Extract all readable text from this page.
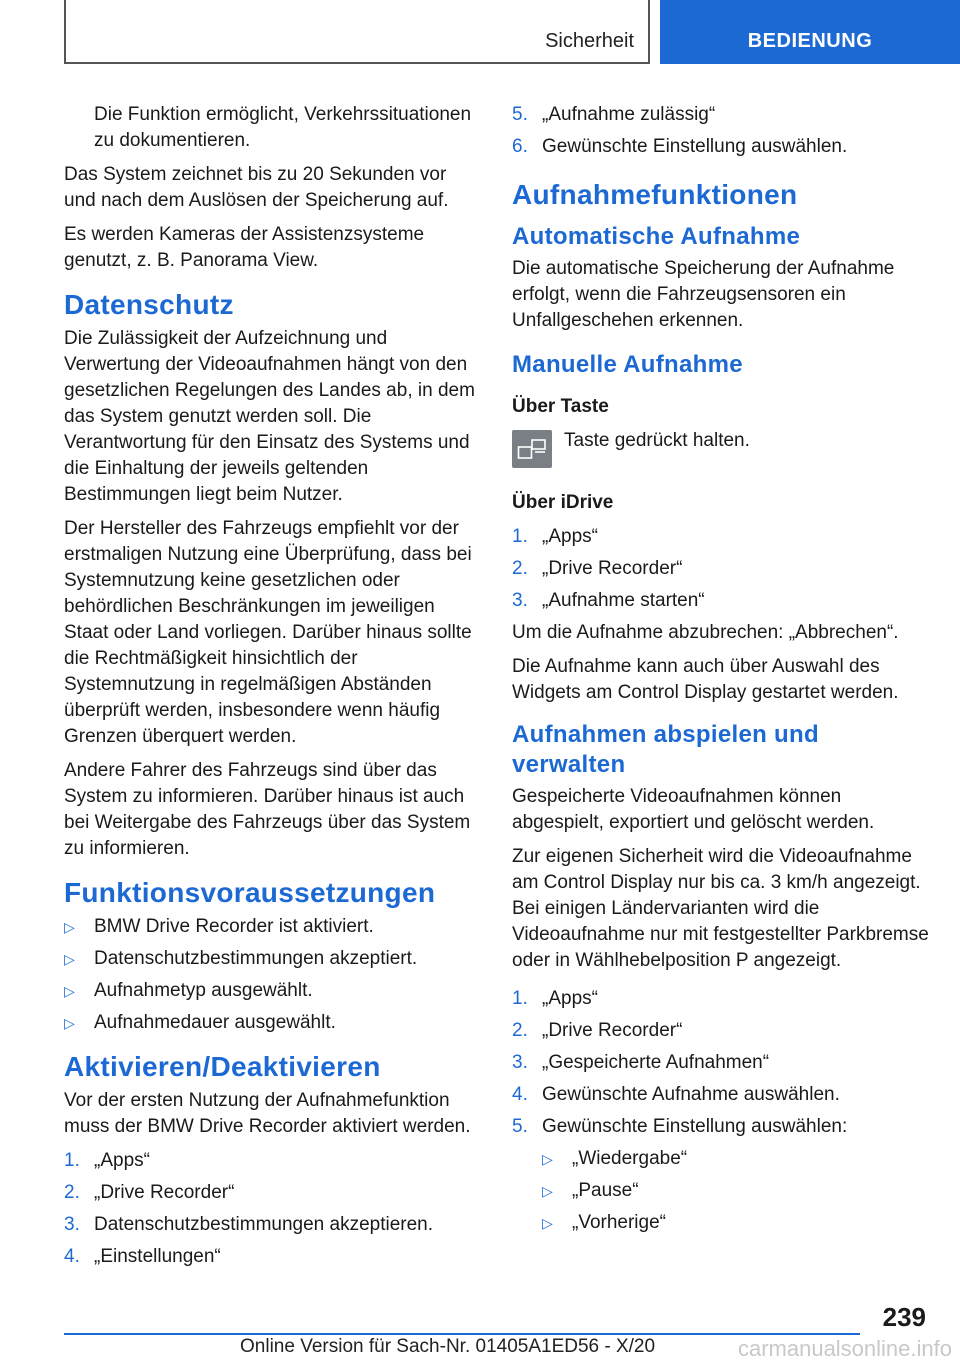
Sicherheit	BEDIENUNG

Die Funktion ermöglicht, Verkehrssituationen zu dokumentieren.

Das System zeichnet bis zu 20 Sekunden vor und nach dem Auslösen der Speicherung auf.

Es werden Kameras der Assistenzsysteme genutzt, z. B. Panorama View.

Datenschutz

Die Zulässigkeit der Aufzeichnung und Verwertung der Videoaufnahmen hängt von den gesetzlichen Regelungen des Landes ab, in dem das System genutzt werden soll. Die Verantwortung für den Einsatz des Systems und die Einhaltung der jeweils geltenden Bestimmungen liegt beim Nutzer.

Der Hersteller des Fahrzeugs empfiehlt vor der erstmaligen Nutzung eine Überprüfung, dass bei Systemnutzung keine gesetzlichen oder behördlichen Beschränkungen im jeweiligen Staat oder Land vorliegen. Darüber hinaus sollte die Rechtmäßigkeit hinsichtlich der Systemnutzung in regelmäßigen Abständen überprüft werden, insbesondere wenn häufig Grenzen überquert werden.

Andere Fahrer des Fahrzeugs sind über das System zu informieren. Darüber hinaus ist auch bei Weitergabe des Fahrzeugs über das System zu informieren.

Funktionsvoraussetzungen
▷	BMW Drive Recorder ist aktiviert.
▷	Datenschutzbestimmungen akzeptiert.
▷	Aufnahmetyp ausgewählt.
▷	Aufnahmedauer ausgewählt.
Aktivieren/Deaktivieren

Vor der ersten Nutzung der Aufnahmefunktion muss der BMW Drive Recorder aktiviert werden.

1. „Apps“
2. „Drive Recorder“
3. Datenschutzbestimmungen akzeptieren.
4. „Einstellungen“
5. „Aufnahme zulässig“
6. Gewünschte Einstellung auswählen.
Aufnahmefunktionen
Automatische Aufnahme

Die automatische Speicherung der Aufnahme erfolgt, wenn die Fahrzeugsensoren ein Unfallgeschehen erkennen.

Manuelle Aufnahme
Über Taste
Taste gedrückt halten.
Über iDrive
1. „Apps“
2. „Drive Recorder“
3. „Aufnahme starten“

Um die Aufnahme abzubrechen: „Abbrechen“.

Die Aufnahme kann auch über Auswahl des Widgets am Control Display gestartet werden.

Aufnahmen abspielen und verwalten

Gespeicherte Videoaufnahmen können abgespielt, exportiert und gelöscht werden.

Zur eigenen Sicherheit wird die Videoaufnahme am Control Display nur bis ca. 3 km/h angezeigt. Bei einigen Ländervarianten wird die Videoaufnahme nur mit festgestellter Parkbremse oder in Wählhebelposition P angezeigt.

1. „Apps“
2. „Drive Recorder“
3. „Gespeicherte Aufnahmen“
4. Gewünschte Aufnahme auswählen.
5. Gewünschte Einstellung auswählen:
▷	„Wiedergabe“
▷	„Pause“
▷	„Vorherige“
239
Online Version für Sach-Nr. 01405A1ED56 - X/20	carmanualsonline.info
